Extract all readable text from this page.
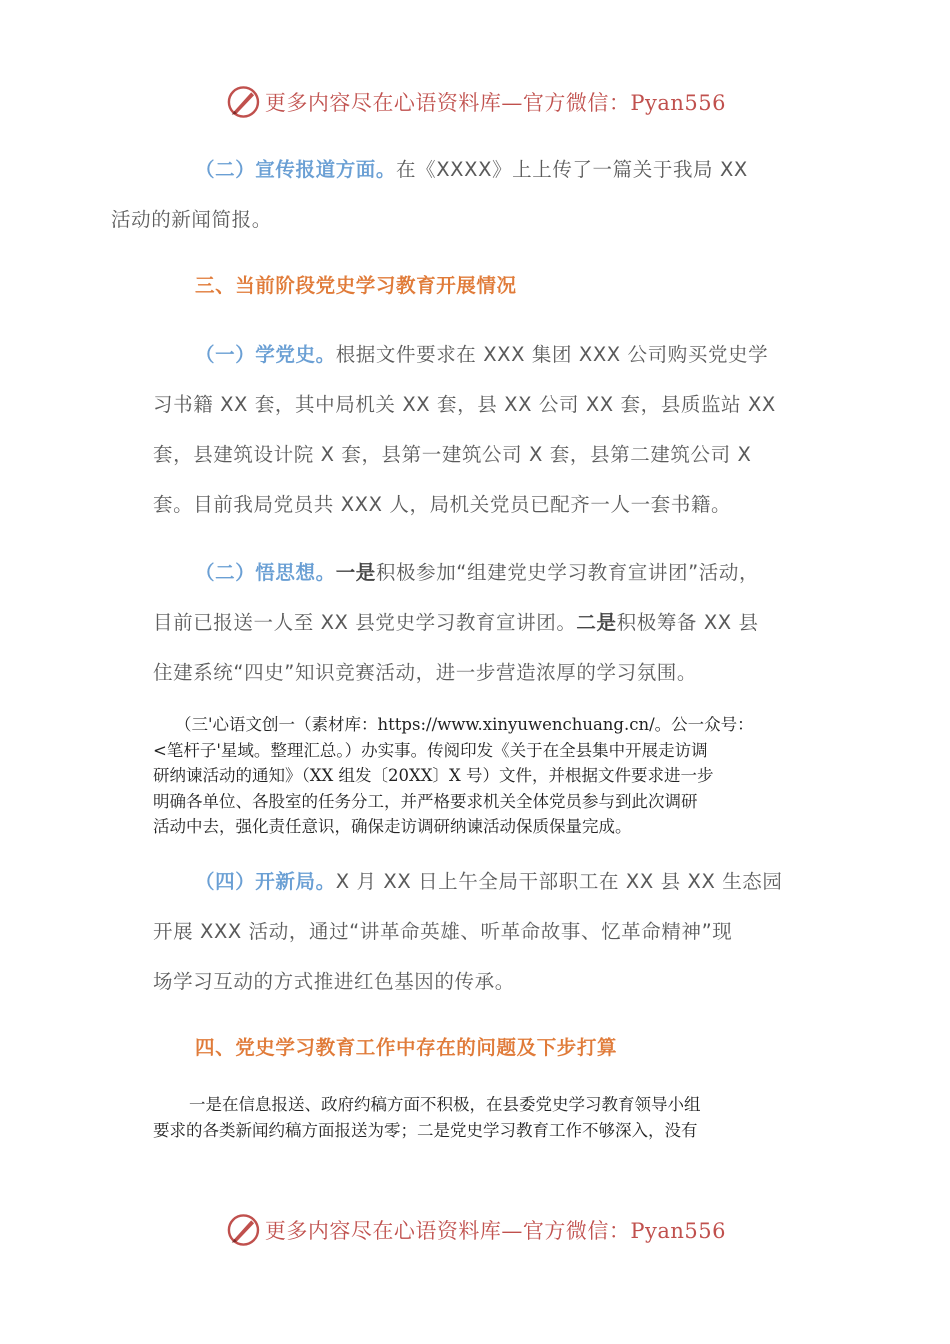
更多内容尽在心语资料库—官方微信：Pyan556
（二）宣传报道方面。在《XXXX》上上传了一篇关于我局 XX
活动的新闻简报。
三、当前阶段党史学习教育开展情况
（一）学党史。根据文件要求在 XXX 集团 XXX 公司购买党史学
习书籍 XX 套，其中局机关 XX 套，县 XX 公司 XX 套，县质监站 XX
套，县建筑设计院 X 套，县第一建筑公司 X 套，县第二建筑公司 X
套。目前我局党员共 XXX 人，局机关党员已配齐一人一套书籍。
（二）悟思想。一是积极参加“组建党史学习教育宣讲团”活动，
目前已报送一人至 XX 县党史学习教育宣讲团。二是积极筹备 XX 县
住建系统“四史”知识竞赛活动，进一步营造浓厚的学习氛围。
（三'心语文创一（素材库：https://www.xinyuwenchuang.cn/。公一众号：
<笔杆子'星域。整理汇总。）办实事。传阅印发《关于在全县集中开展走访调
研纳谏活动的通知》（XX 组发〔20XX〕X 号）文件，并根据文件要求进一步
明确各单位、各股室的任务分工，并严格要求机关全体党员参与到此次调研
活动中去，强化责任意识，确保走访调研纳谏活动保质保量完成。
（四）开新局。X 月 XX 日上午全局干部职工在 XX 县 XX 生态园
开展 XXX 活动，通过“讲革命英雄、听革命故事、忆革命精神”现
场学习互动的方式推进红色基因的传承。
四、党史学习教育工作中存在的问题及下步打算
一是在信息报送、政府约稿方面不积极，在县委党史学习教育领导小组
要求的各类新闻约稿方面报送为零；二是党史学习教育工作不够深入，没有
更多内容尽在心语资料库—官方微信：Pyan556
